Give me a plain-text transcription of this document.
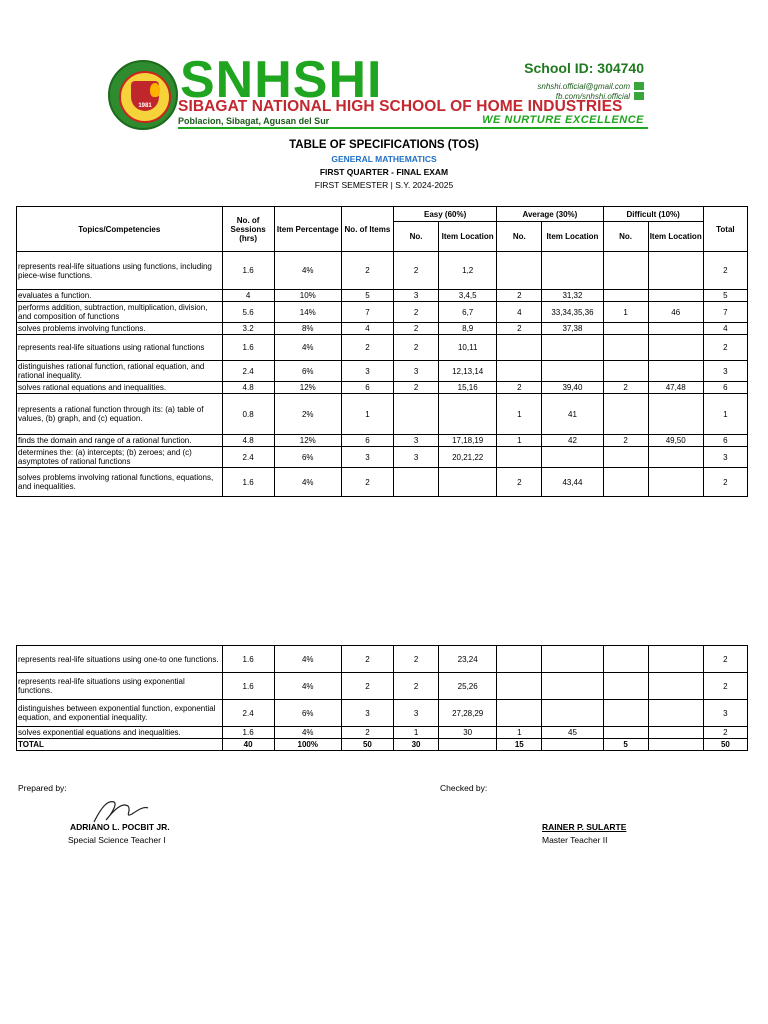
1981 SNHSHI	School ID: 304740
snhshi.official@gmail.com
fb.com/snhshi.official
SIBAGAT NATIONAL HIGH SCHOOL OF HOME INDUSTRIES
Poblacion, Sibagat, Agusan del Sur	WE NURTURE EXCELLENCE
TABLE OF SPECIFICATIONS (TOS)
GENERAL MATHEMATICS
FIRST QUARTER - FINAL EXAM
FIRST SEMESTER | S.Y. 2024-2025
Topics/Competencies	No. of Sessions (hrs)	Item Percentage	No. of Items	Easy (60%)		Average (30%)		Difficult (10%)		Total
				No.	Item Location	No.	Item Location	No.	Item Location	
represents real-life situations using functions, including piece-wise functions.	1.6	4%	2	2	1,2					2
evaluates a function.	4	10%	5	3	3,4,5	2	31,32			5
performs addition, subtraction, multiplication, division, and composition of functions	5.6	14%	7	2	6,7	4	33,34,35,36	1	46	7
solves problems involving functions.	3.2	8%	4	2	8,9	2	37,38			4
represents real-life situations using rational functions	1.6	4%	2	2	10,11					2
distinguishes rational function, rational equation, and rational inequality.	2.4	6%	3	3	12,13,14					3
solves rational equations and inequalities.	4.8	12%	6	2	15,16	2	39,40	2	47,48	6
represents a rational function through its: (a) table of values, (b) graph, and (c) equation.	0.8	2%	1			1	41			1
finds the domain and range of a rational function.	4.8	12%	6	3	17,18,19	1	42	2	49,50	6
determines the: (a) intercepts; (b) zeroes; and (c) asymptotes of rational functions	2.4	6%	3	3	20,21,22					3
solves problems involving rational functions, equations, and inequalities.	1.6	4%	2			2	43,44			2
represents real-life situations using one-to one functions.	1.6	4%	2	2	23,24					2
represents real-life situations using exponential functions.	1.6	4%	2	2	25,26					2
distinguishes between exponential function, exponential equation, and exponential inequality.	2.4	6%	3	3	27,28,29					3
solves exponential equations and inequalities.	1.6	4%	2	1	30	1	45			2
TOTAL	40	100%	50	30		15		5		50
Prepared by:
ADRIANO L. POCBIT JR.
Special Science Teacher I
Checked by:
RAINER P. SULARTE
Master Teacher II
